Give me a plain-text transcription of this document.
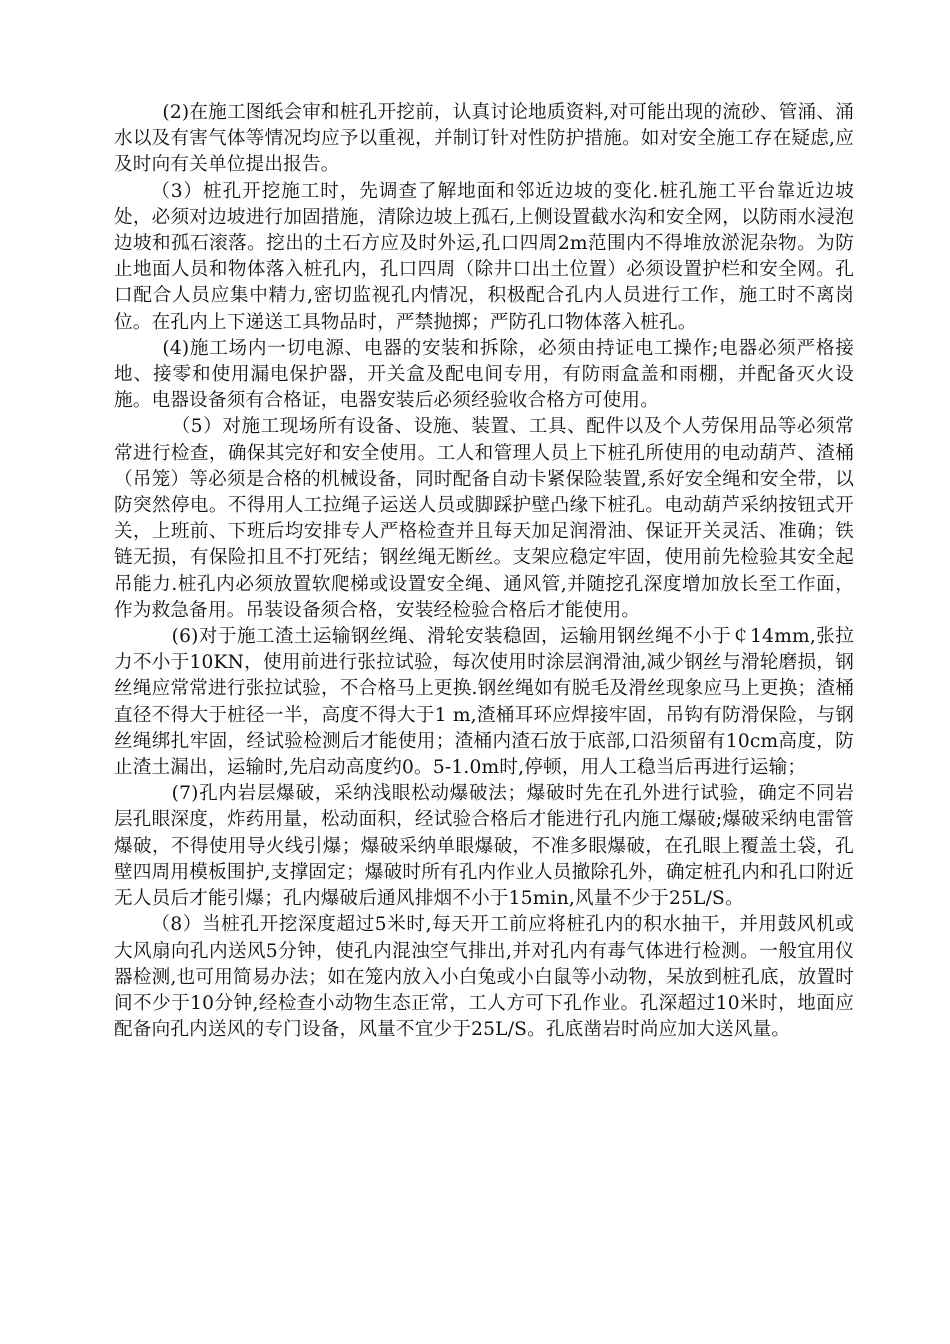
(2)在施工图纸会审和桩孔开挖前，认真讨论地质资料,对可能出现的流砂、管涌、涌水以及有害气体等情况均应予以重视，并制订针对性防护措施。如对安全施工存在疑虑,应及时向有关单位提出报告。

（3）桩孔开挖施工时，先调查了解地面和邻近边坡的变化.桩孔施工平台靠近边坡处，必须对边坡进行加固措施，清除边坡上孤石,上侧设置截水沟和安全网，以防雨水浸泡边坡和孤石滚落。挖出的土石方应及时外运,孔口四周2m范围内不得堆放淤泥杂物。为防止地面人员和物体落入桩孔内，孔口四周（除井口出土位置）必须设置护栏和安全网。孔口配合人员应集中精力,密切监视孔内情况，积极配合孔内人员进行工作，施工时不离岗位。在孔内上下递送工具物品时，严禁抛掷；严防孔口物体落入桩孔。

(4)施工场内一切电源、电器的安装和拆除，必须由持证电工操作;电器必须严格接地、接零和使用漏电保护器，开关盒及配电间专用，有防雨盒盖和雨棚，并配备灭火设施。电器设备须有合格证，电器安装后必须经验收合格方可使用。

（5）对施工现场所有设备、设施、装置、工具、配件以及个人劳保用品等必须常常进行检查，确保其完好和安全使用。工人和管理人员上下桩孔所使用的电动葫芦、渣桶（吊笼）等必须是合格的机械设备，同时配备自动卡紧保险装置,系好安全绳和安全带，以防突然停电。不得用人工拉绳子运送人员或脚踩护壁凸缘下桩孔。电动葫芦采纳按钮式开关，上班前、下班后均安排专人严格检查并且每天加足润滑油、保证开关灵活、准确；铁链无损，有保险扣且不打死结；钢丝绳无断丝。支架应稳定牢固，使用前先检验其安全起吊能力.桩孔内必须放置软爬梯或设置安全绳、通风管,并随挖孔深度增加放长至工作面，作为救急备用。吊装设备须合格，安装经检验合格后才能使用。

(6)对于施工渣土运输钢丝绳、滑轮安装稳固，运输用钢丝绳不小于￠14mm,张拉力不小于10KN，使用前进行张拉试验，每次使用时涂层润滑油,减少钢丝与滑轮磨损，钢丝绳应常常进行张拉试验，不合格马上更换.钢丝绳如有脱毛及滑丝现象应马上更换；渣桶直径不得大于桩径一半，高度不得大于1 m,渣桶耳环应焊接牢固，吊钩有防滑保险，与钢丝绳绑扎牢固，经试验检测后才能使用；渣桶内渣石放于底部,口沿须留有10cm高度，防止渣土漏出，运输时,先启动高度约0。5-1.0m时,停顿，用人工稳当后再进行运输；

(7)孔内岩层爆破，采纳浅眼松动爆破法；爆破时先在孔外进行试验，确定不同岩层孔眼深度，炸药用量，松动面积，经试验合格后才能进行孔内施工爆破;爆破采纳电雷管爆破，不得使用导火线引爆；爆破采纳单眼爆破，不准多眼爆破，在孔眼上覆盖土袋，孔壁四周用模板围护,支撑固定；爆破时所有孔内作业人员撤除孔外，确定桩孔内和孔口附近无人员后才能引爆；孔内爆破后通风排烟不小于15min,风量不少于25L/S。

（8）当桩孔开挖深度超过5米时,每天开工前应将桩孔内的积水抽干，并用鼓风机或大风扇向孔内送风5分钟，使孔内混浊空气排出,并对孔内有毒气体进行检测。一般宜用仪器检测,也可用简易办法；如在笼内放入小白兔或小白鼠等小动物，呆放到桩孔底，放置时间不少于10分钟,经检查小动物生态正常，工人方可下孔作业。孔深超过10米时，地面应配备向孔内送风的专门设备，风量不宜少于25L/S。孔底凿岩时尚应加大送风量。
